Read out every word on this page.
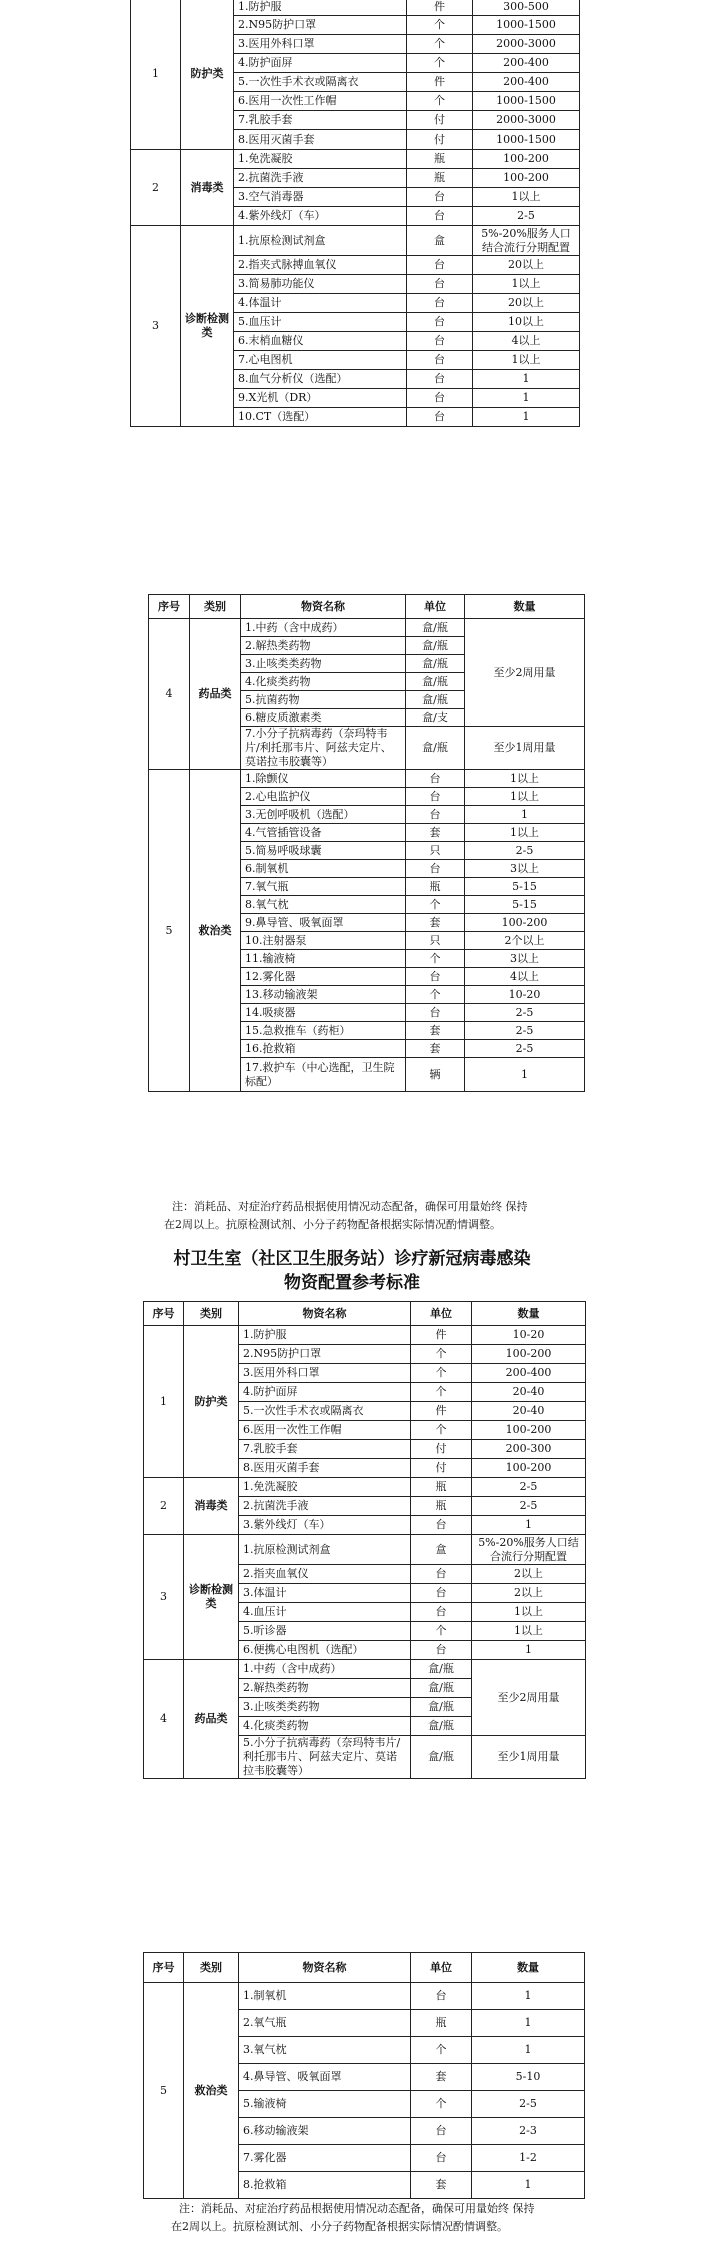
1	防护类	1.防护服	件	300-500
		2.N95防护口罩	个	1000-1500
		3.医用外科口罩	个	2000-3000
		4.防护面屏	个	200-400
		5.一次性手术衣或隔离衣	件	200-400
		6.医用一次性工作帽	个	1000-1500
		7.乳胶手套	付	2000-3000
		8.医用灭菌手套	付	1000-1500
2	消毒类	1.免洗凝胶	瓶	100-200
		2.抗菌洗手液	瓶	100-200
		3.空气消毒器	台	1以上
		4.紫外线灯（车）	台	2-5
3	诊断检测类	1.抗原检测试剂盒	盒	5%-20%服务人口结合流行分期配置
		2.指夹式脉搏血氧仪	台	20以上
		3.简易肺功能仪	台	1以上
		4.体温计	台	20以上
		5.血压计	台	10以上
		6.末梢血糖仪	台	4以上
		7.心电图机	台	1以上
		8.血气分析仪（选配）	台	1
		9.X光机（DR）	台	1
		10.CT（选配）	台	1
序号	类别	物资名称	单位	数量
4	药品类	1.中药（含中成药）	盒/瓶	至少2周用量
		2.解热类药物	盒/瓶	
		3.止咳类类药物	盒/瓶	
		4.化痰类药物	盒/瓶	
		5.抗菌药物	盒/瓶	
		6.糖皮质激素类	盒/支	
		7.小分子抗病毒药（奈玛特韦片/利托那韦片、阿兹夫定片、莫诺拉韦胶囊等）	盒/瓶	至少1周用量
5	救治类	1.除颤仪	台	1以上
		2.心电监护仪	台	1以上
		3.无创呼吸机（选配）	台	1
		4.气管插管设备	套	1以上
		5.简易呼吸球囊	只	2-5
		6.制氧机	台	3以上
		7.氧气瓶	瓶	5-15
		8.氧气枕	个	5-15
		9.鼻导管、吸氧面罩	套	100-200
		10.注射器泵	只	2个以上
		11.输液椅	个	3以上
		12.雾化器	台	4以上
		13.移动输液架	个	10-20
		14.吸痰器	台	2-5
		15.急救推车（药柜）	套	2-5
		16.抢救箱	套	2-5
		17.救护车（中心选配，卫生院标配）	辆	1
注：消耗品、对症治疗药品根据使用情况动态配备，确保可用量始终 保持
在2周以上。抗原检测试剂、小分子药物配备根据实际情况酌情调整。
村卫生室（社区卫生服务站）诊疗新冠病毒感染
物资配置参考标准
序号	类别	物资名称	单位	数量
1	防护类	1.防护服	件	10-20
		2.N95防护口罩	个	100-200
		3.医用外科口罩	个	200-400
		4.防护面屏	个	20-40
		5.一次性手术衣或隔离衣	件	20-40
		6.医用一次性工作帽	个	100-200
		7.乳胶手套	付	200-300
		8.医用灭菌手套	付	100-200
2	消毒类	1.免洗凝胶	瓶	2-5
		2.抗菌洗手液	瓶	2-5
		3.紫外线灯（车）	台	1
3	诊断检测类	1.抗原检测试剂盒	盒	5%-20%服务人口结合流行分期配置
		2.指夹血氧仪	台	2以上
		3.体温计	台	2以上
		4.血压计	台	1以上
		5.听诊器	个	1以上
		6.便携心电图机（选配）	台	1
4	药品类	1.中药（含中成药）	盒/瓶	至少2周用量
		2.解热类药物	盒/瓶	
		3.止咳类类药物	盒/瓶	
		4.化痰类药物	盒/瓶	
		5.小分子抗病毒药（奈玛特韦片/利托那韦片、阿兹夫定片、莫诺拉韦胶囊等）	盒/瓶	至少1周用量
序号	类别	物资名称	单位	数量
5	救治类	1.制氧机	台	1
		2.氧气瓶	瓶	1
		3.氧气枕	个	1
		4.鼻导管、吸氧面罩	套	5-10
		5.输液椅	个	2-5
		6.移动输液架	台	2-3
		7.雾化器	台	1-2
		8.抢救箱	套	1
注：消耗品、对症治疗药品根据使用情况动态配备，确保可用量始终 保持
在2周以上。抗原检测试剂、小分子药物配备根据实际情况酌情调整。
